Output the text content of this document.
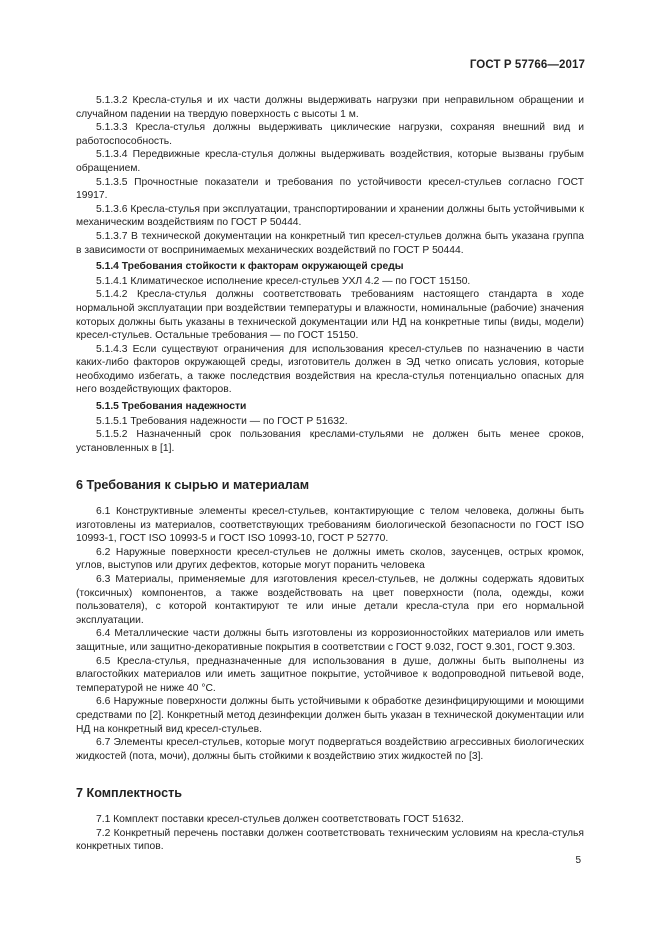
ГОСТ Р 57766—2017

5.1.3.2 Кресла-стулья и их части должны выдерживать нагрузки при неправильном обращении и случайном падении на твердую поверхность с высоты 1 м.

5.1.3.3 Кресла-стулья должны выдерживать циклические нагрузки, сохраняя внешний вид и работоспособность.

5.1.3.4 Передвижные кресла-стулья должны выдерживать воздействия, которые вызваны грубым обращением.

5.1.3.5 Прочностные показатели и требования по устойчивости кресел-стульев согласно ГОСТ 19917.

5.1.3.6 Кресла-стулья при эксплуатации, транспортировании и хранении должны быть устойчивыми к механическим воздействиям по ГОСТ Р 50444.

5.1.3.7 В технической документации на конкретный тип кресел-стульев должна быть указана группа в зависимости от воспринимаемых механических воздействий по ГОСТ Р 50444.

5.1.4 Требования стойкости к факторам окружающей среды

5.1.4.1 Климатическое исполнение кресел-стульев УХЛ 4.2 — по ГОСТ 15150.

5.1.4.2 Кресла-стулья должны соответствовать требованиям настоящего стандарта в ходе нормальной эксплуатации при воздействии температуры и влажности, номинальные (рабочие) значения которых должны быть указаны в технической документации или НД на конкретные типы (виды, модели) кресел-стульев. Остальные требования — по ГОСТ 15150.

5.1.4.3 Если существуют ограничения для использования кресел-стульев по назначению в части каких-либо факторов окружающей среды, изготовитель должен в ЭД четко описать условия, которые необходимо избегать, а также последствия воздействия на кресла-стулья потенциально опасных для него воздействующих факторов.

5.1.5 Требования надежности

5.1.5.1 Требования надежности — по ГОСТ Р 51632.

5.1.5.2 Назначенный срок пользования креслами-стульями не должен быть менее сроков, установленных в [1].

6 Требования к сырью и материалам

6.1 Конструктивные элементы кресел-стульев, контактирующие с телом человека, должны быть изготовлены из материалов, соответствующих требованиям биологической безопасности по ГОСТ ISO 10993-1, ГОСТ ISO 10993-5 и ГОСТ ISO 10993-10, ГОСТ Р 52770.

6.2 Наружные поверхности кресел-стульев не должны иметь сколов, заусенцев, острых кромок, углов, выступов или других дефектов, которые могут поранить человека

6.3 Материалы, применяемые для изготовления кресел-стульев, не должны содержать ядовитых (токсичных) компонентов, а также воздействовать на цвет поверхности (пола, одежды, кожи пользователя), с которой контактируют те или иные детали кресла-стула при его нормальной эксплуатации.

6.4 Металлические части должны быть изготовлены из коррозионностойких материалов или иметь защитные, или защитно-декоративные покрытия в соответствии с ГОСТ 9.032, ГОСТ 9.301, ГОСТ 9.303.

6.5 Кресла-стулья, предназначенные для использования в душе, должны быть выполнены из влагостойких материалов или иметь защитное покрытие, устойчивое к водопроводной питьевой воде, температурой не ниже 40 °С.

6.6 Наружные поверхности должны быть устойчивыми к обработке дезинфицирующими и моющими средствами по [2]. Конкретный метод дезинфекции должен быть указан в технической документации или НД на конкретный вид кресел-стульев.

6.7 Элементы кресел-стульев, которые могут подвергаться воздействию агрессивных биологических жидкостей (пота, мочи), должны быть стойкими к воздействию этих жидкостей по [3].

7 Комплектность

7.1 Комплект поставки кресел-стульев должен соответствовать ГОСТ 51632.

7.2 Конкретный перечень поставки должен соответствовать техническим условиям на кресла-стулья конкретных типов.

5
